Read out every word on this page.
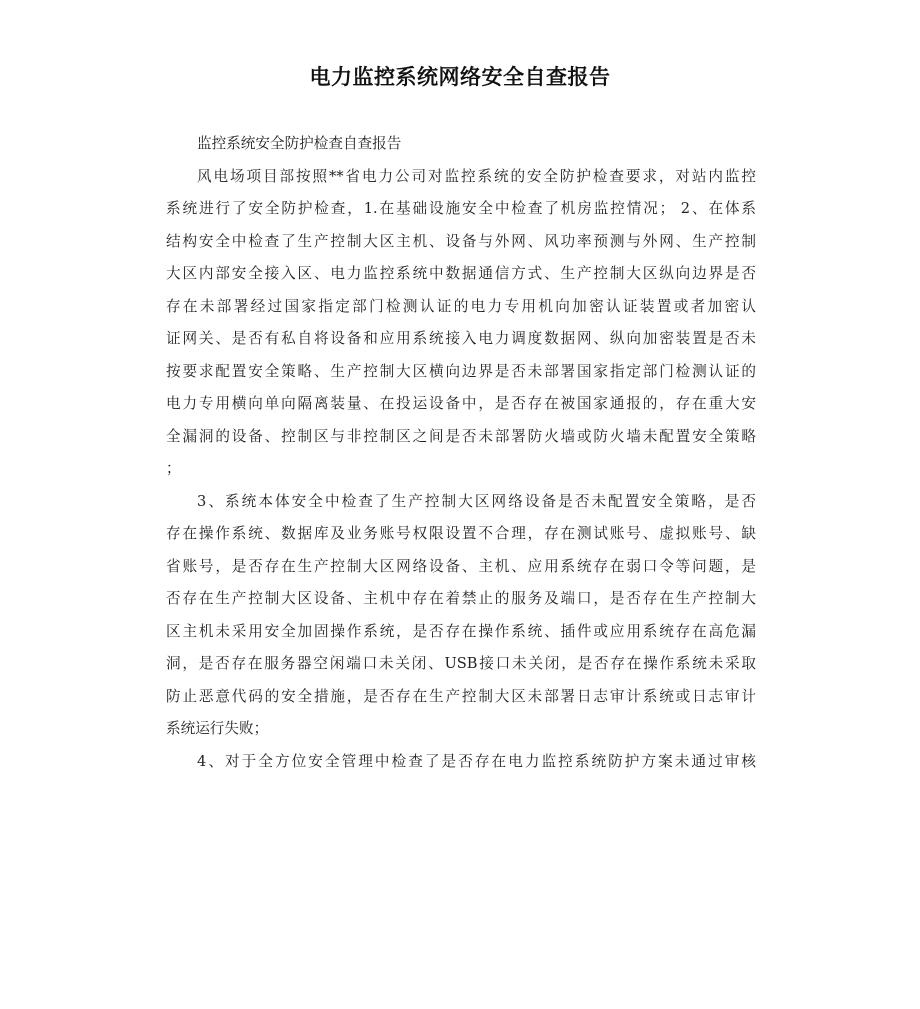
电力监控系统网络安全自查报告
监控系统安全防护检查自查报告
风电场项目部按照**省电力公司对监控系统的安全防护检查要求，对站内监控
系统进行了安全防护检查，1.在基础设施安全中检查了机房监控情况； 2、在体系
结构安全中检查了生产控制大区主机、设备与外网、风功率预测与外网、生产控制
大区内部安全接入区、电力监控系统中数据通信方式、生产控制大区纵向边界是否
存在未部署经过国家指定部门检测认证的电力专用机向加密认证装置或者加密认
证网关、是否有私自将设备和应用系统接入电力调度数据网、纵向加密装置是否未
按要求配置安全策略、生产控制大区横向边界是否未部署国家指定部门检测认证的
电力专用横向单向隔离装量、在投运设备中，是否存在被国家通报的，存在重大安
全漏洞的设备、控制区与非控制区之间是否未部署防火墙或防火墙未配置安全策略
；
3、系统本体安全中检查了生产控制大区网络设备是否未配置安全策略，是否
存在操作系统、数据库及业务账号权限设置不合理，存在测试账号、虚拟账号、缺
省账号，是否存在生产控制大区网络设备、主机、应用系统存在弱口令等问题，是
否存在生产控制大区设备、主机中存在着禁止的服务及端口，是否存在生产控制大
区主机未采用安全加固操作系统，是否存在操作系统、插件或应用系统存在高危漏
洞，是否存在服务器空闲端口未关闭、USB接口未关闭，是否存在操作系统未采取
防止恶意代码的安全措施，是否存在生产控制大区未部署日志审计系统或日志审计
系统运行失败；
4、对于全方位安全管理中检查了是否存在电力监控系统防护方案未通过审核
